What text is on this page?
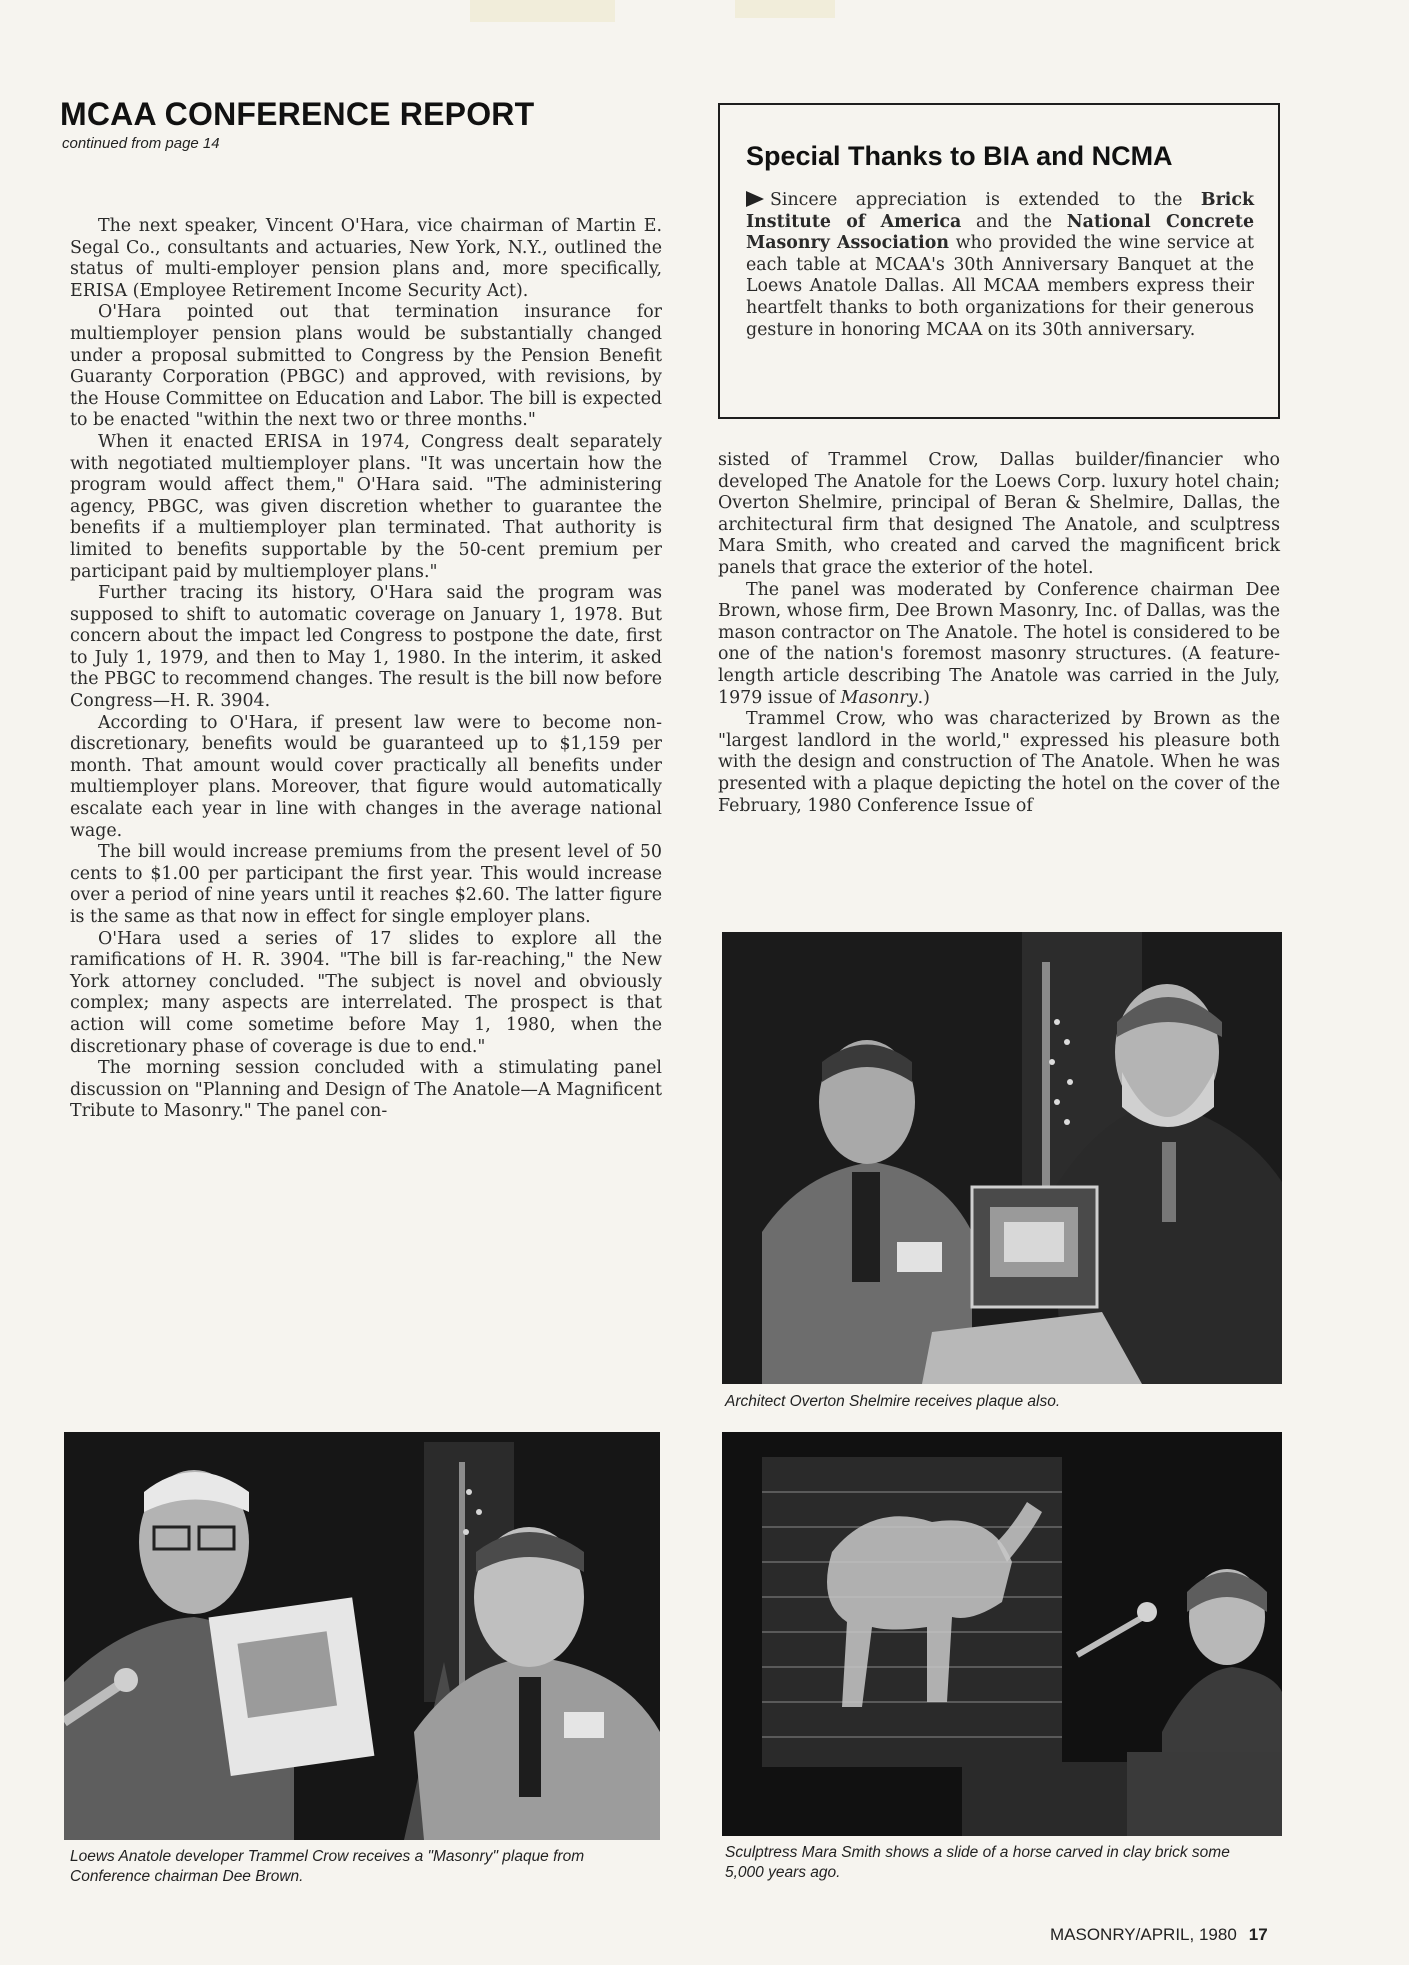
MCAA CONFERENCE REPORT
continued from page 14

The next speaker, Vincent O'Hara, vice chairman of Martin E. Segal Co., consultants and actuaries, New York, N.Y., outlined the status of multi-employer pension plans and, more specifically, ERISA (Employee Retirement Income Security Act).

O'Hara pointed out that termination insurance for multiemployer pension plans would be substantially changed under a proposal submitted to Congress by the Pension Benefit Guaranty Corporation (PBGC) and approved, with revisions, by the House Committee on Education and Labor. The bill is expected to be enacted "within the next two or three months."

When it enacted ERISA in 1974, Congress dealt separately with negotiated multiemployer plans. "It was uncertain how the program would affect them," O'Hara said. "The administering agency, PBGC, was given discretion whether to guarantee the benefits if a multiemployer plan terminated. That authority is limited to benefits supportable by the 50-cent premium per participant paid by multiemployer plans."

Further tracing its history, O'Hara said the program was supposed to shift to automatic coverage on January 1, 1978. But concern about the impact led Congress to postpone the date, first to July 1, 1979, and then to May 1, 1980. In the interim, it asked the PBGC to recommend changes. The result is the bill now before Congress—H. R. 3904.

According to O'Hara, if present law were to become non-discretionary, benefits would be guaranteed up to $1,159 per month. That amount would cover practically all benefits under multiemployer plans. Moreover, that figure would automatically escalate each year in line with changes in the average national wage.

The bill would increase premiums from the present level of 50 cents to $1.00 per participant the first year. This would increase over a period of nine years until it reaches $2.60. The latter figure is the same as that now in effect for single employer plans.

O'Hara used a series of 17 slides to explore all the ramifications of H. R. 3904. "The bill is far-reaching," the New York attorney concluded. "The subject is novel and obviously complex; many aspects are interrelated. The prospect is that action will come sometime before May 1, 1980, when the discretionary phase of coverage is due to end."

The morning session concluded with a stimulating panel discussion on "Planning and Design of The Anatole—A Magnificent Tribute to Masonry." The panel con-

Special Thanks to BIA and NCMA

Sincere appreciation is extended to the Brick Institute of America and the National Concrete Masonry Association who provided the wine service at each table at MCAA's 30th Anniversary Banquet at the Loews Anatole Dallas. All MCAA members express their heartfelt thanks to both organizations for their generous gesture in honoring MCAA on its 30th anniversary.

sisted of Trammel Crow, Dallas builder/financier who developed The Anatole for the Loews Corp. luxury hotel chain; Overton Shelmire, principal of Beran & Shelmire, Dallas, the architectural firm that designed The Anatole, and sculptress Mara Smith, who created and carved the magnificent brick panels that grace the exterior of the hotel.

The panel was moderated by Conference chairman Dee Brown, whose firm, Dee Brown Masonry, Inc. of Dallas, was the mason contractor on The Anatole. The hotel is considered to be one of the nation's foremost masonry structures. (A feature-length article describing The Anatole was carried in the July, 1979 issue of Masonry.)

Trammel Crow, who was characterized by Brown as the "largest landlord in the world," expressed his pleasure both with the design and construction of The Anatole. When he was presented with a plaque depicting the hotel on the cover of the February, 1980 Conference Issue of

Architect Overton Shelmire receives plaque also.
Loews Anatole developer Trammel Crow receives a "Masonry" plaque from Conference chairman Dee Brown.
Sculptress Mara Smith shows a slide of a horse carved in clay brick some 5,000 years ago.
MASONRY/APRIL, 1980 17
